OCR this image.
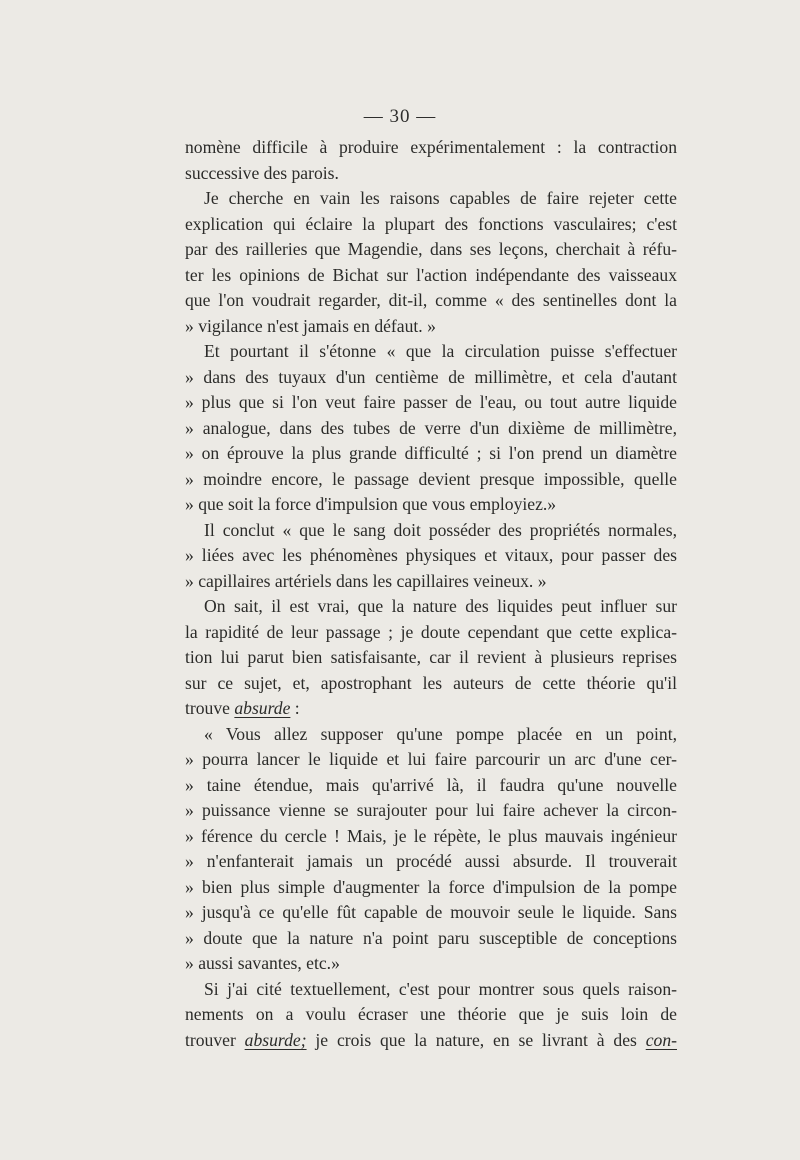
— 30 —
nomène difficile à produire expérimentalement : la contraction
successive des parois.
Je cherche en vain les raisons capables de faire rejeter cette
explication qui éclaire la plupart des fonctions vasculaires; c'est
par des railleries que Magendie, dans ses leçons, cherchait à réfu-
ter les opinions de Bichat sur l'action indépendante des vaisseaux
que l'on voudrait regarder, dit-il, comme « des sentinelles dont la
» vigilance n'est jamais en défaut. »
Et pourtant il s'étonne « que la circulation puisse s'effectuer
» dans des tuyaux d'un centième de millimètre, et cela d'autant
» plus que si l'on veut faire passer de l'eau, ou tout autre liquide
» analogue, dans des tubes de verre d'un dixième de millimètre,
» on éprouve la plus grande difficulté ; si l'on prend un diamètre
» moindre encore, le passage devient presque impossible, quelle
» que soit la force d'impulsion que vous employiez.»
Il conclut « que le sang doit posséder des propriétés normales,
» liées avec les phénomènes physiques et vitaux, pour passer des
» capillaires artériels dans les capillaires veineux. »
On sait, il est vrai, que la nature des liquides peut influer sur
la rapidité de leur passage ; je doute cependant que cette explica-
tion lui parut bien satisfaisante, car il revient à plusieurs reprises
sur ce sujet, et, apostrophant les auteurs de cette théorie qu'il
trouve absurde :
« Vous allez supposer qu'une pompe placée en un point,
» pourra lancer le liquide et lui faire parcourir un arc d'une cer-
» taine étendue, mais qu'arrivé là, il faudra qu'une nouvelle
» puissance vienne se surajouter pour lui faire achever la circon-
» férence du cercle ! Mais, je le répète, le plus mauvais ingénieur
» n'enfanterait jamais un procédé aussi absurde. Il trouverait
» bien plus simple d'augmenter la force d'impulsion de la pompe
» jusqu'à ce qu'elle fût capable de mouvoir seule le liquide. Sans
» doute que la nature n'a point paru susceptible de conceptions
» aussi savantes, etc.»
Si j'ai cité textuellement, c'est pour montrer sous quels raison-
nements on a voulu écraser une théorie que je suis loin de
trouver absurde; je crois que la nature, en se livrant à des con-
